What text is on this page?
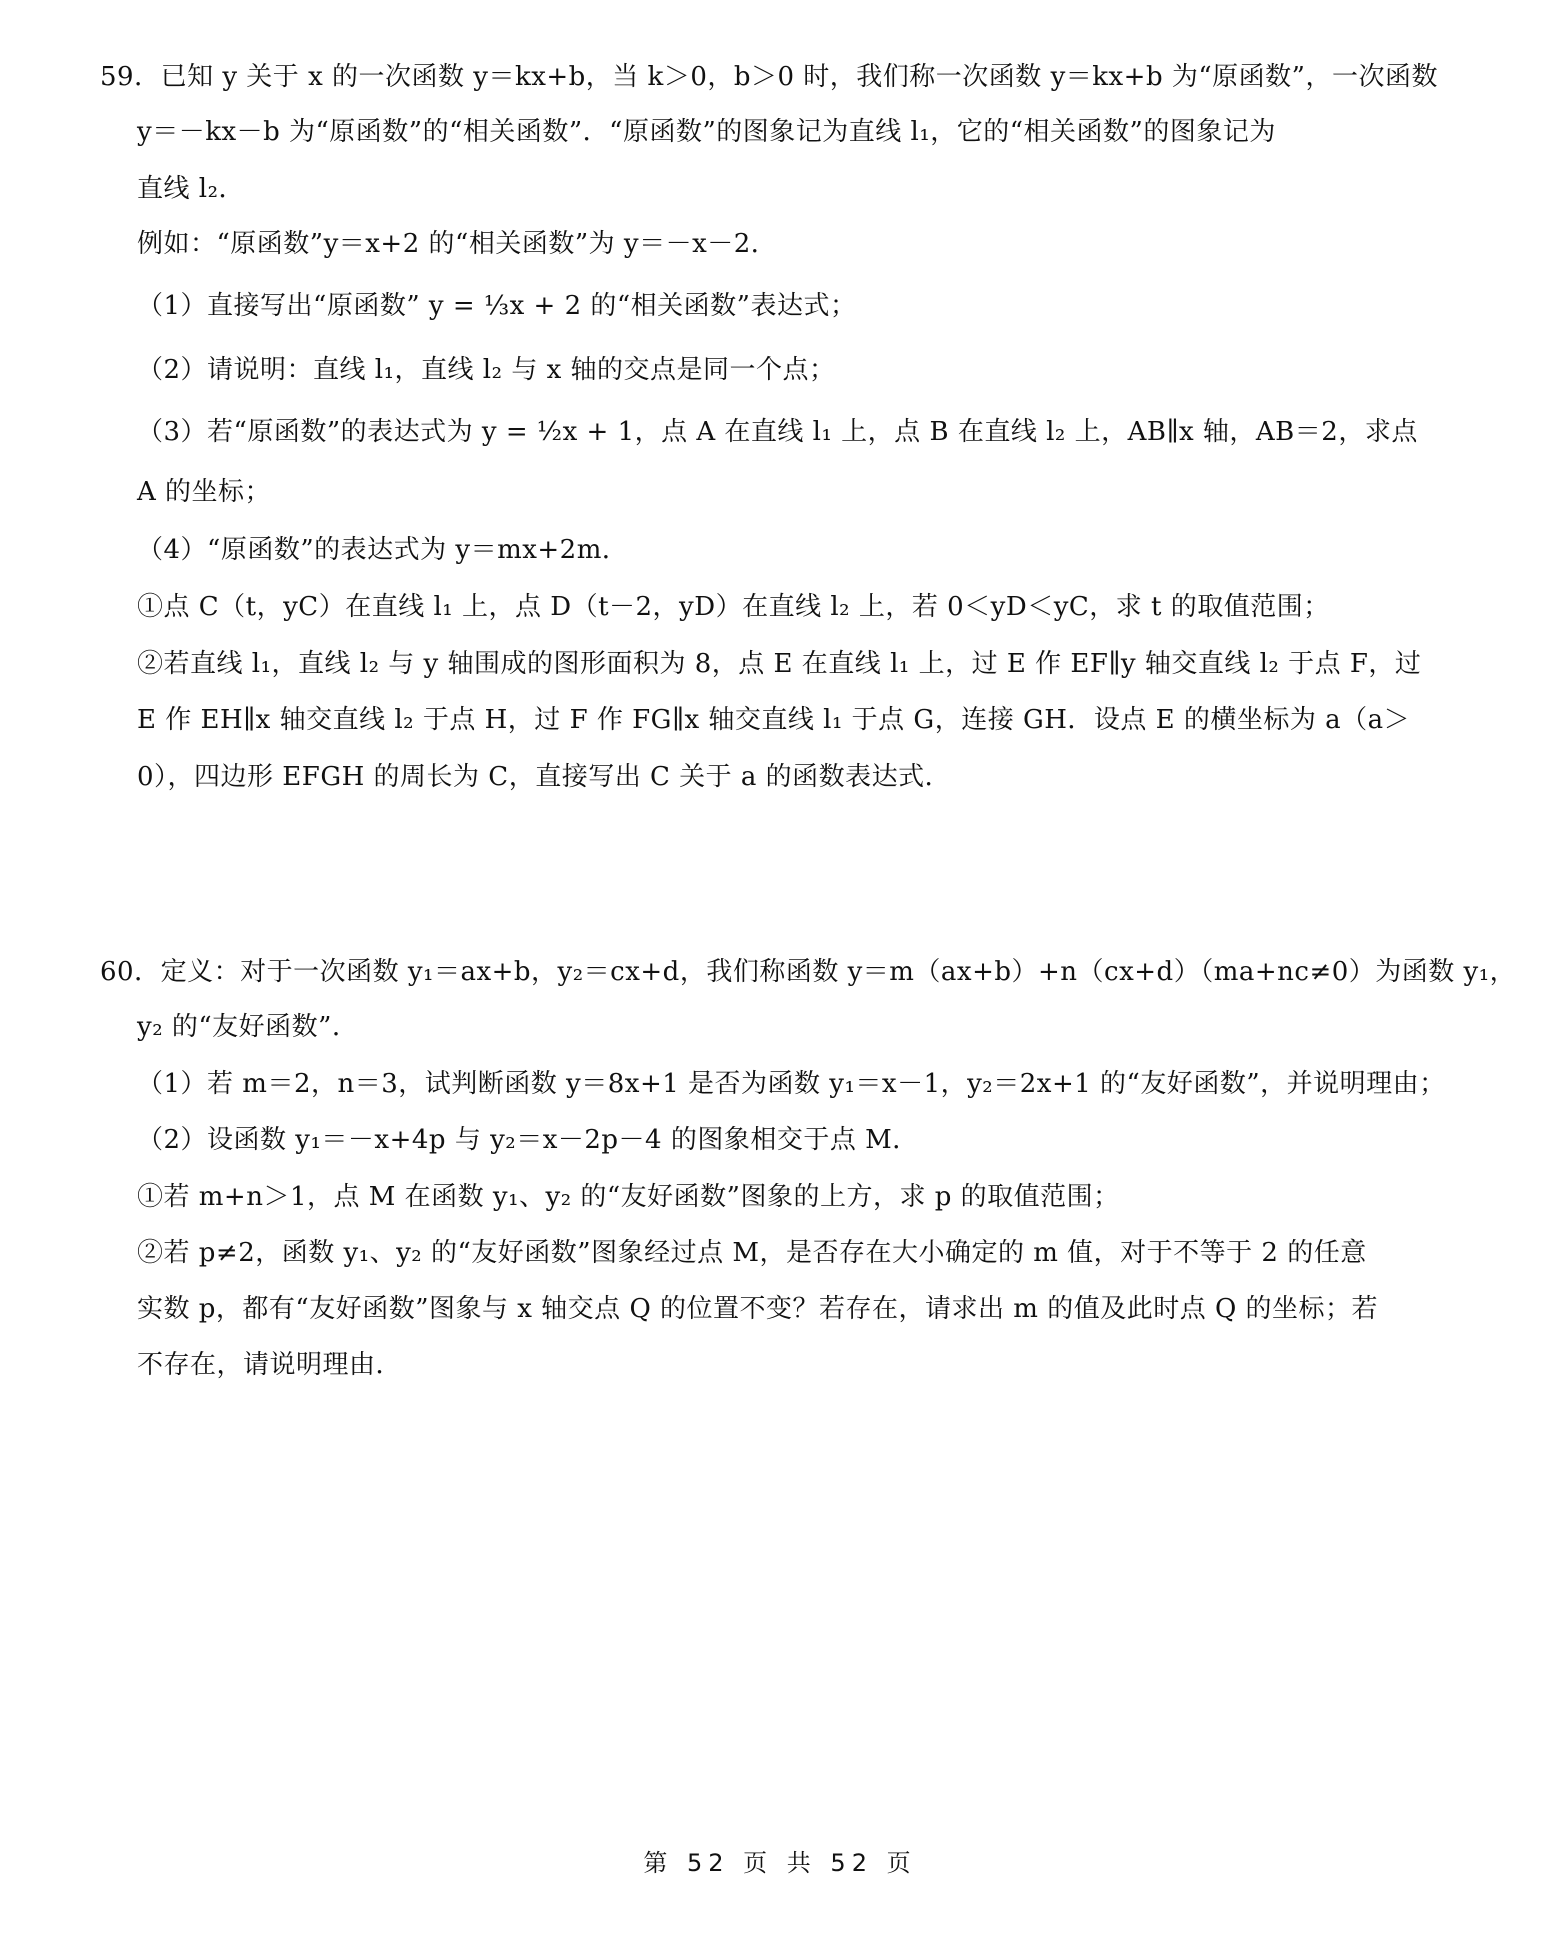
59．已知 y 关于 x 的一次函数 y＝kx+b，当 k＞0，b＞0 时，我们称一次函数 y＝kx+b 为“原函数”，一次函数
y＝－kx－b 为“原函数”的“相关函数”．“原函数”的图象记为直线 l₁，它的“相关函数”的图象记为
直线 l₂．
例如：“原函数”y＝x+2 的“相关函数”为 y＝－x－2．
（1）直接写出“原函数” y = ⅓x + 2 的“相关函数”表达式；
（2）请说明：直线 l₁，直线 l₂ 与 x 轴的交点是同一个点；
（3）若“原函数”的表达式为 y = ½x + 1，点 A 在直线 l₁ 上，点 B 在直线 l₂ 上，AB∥x 轴，AB＝2，求点
A 的坐标；
（4）“原函数”的表达式为 y＝mx+2m．
①点 C（t，yC）在直线 l₁ 上，点 D（t－2，yD）在直线 l₂ 上，若 0＜yD＜yC，求 t 的取值范围；
②若直线 l₁，直线 l₂ 与 y 轴围成的图形面积为 8，点 E 在直线 l₁ 上，过 E 作 EF∥y 轴交直线 l₂ 于点 F，过
E 作 EH∥x 轴交直线 l₂ 于点 H，过 F 作 FG∥x 轴交直线 l₁ 于点 G，连接 GH．设点 E 的横坐标为 a（a＞
0），四边形 EFGH 的周长为 C，直接写出 C 关于 a 的函数表达式．
60．定义：对于一次函数 y₁＝ax+b，y₂＝cx+d，我们称函数 y＝m（ax+b）+n（cx+d）（ma+nc≠0）为函数 y₁，
y₂ 的“友好函数”．
（1）若 m＝2，n＝3，试判断函数 y＝8x+1 是否为函数 y₁＝x－1，y₂＝2x+1 的“友好函数”，并说明理由；
（2）设函数 y₁＝－x+4p 与 y₂＝x－2p－4 的图象相交于点 M．
①若 m+n＞1，点 M 在函数 y₁、y₂ 的“友好函数”图象的上方，求 p 的取值范围；
②若 p≠2，函数 y₁、y₂ 的“友好函数”图象经过点 M，是否存在大小确定的 m 值，对于不等于 2 的任意
实数 p，都有“友好函数”图象与 x 轴交点 Q 的位置不变？若存在，请求出 m 的值及此时点 Q 的坐标；若
不存在，请说明理由．
第 52 页 共 52 页
